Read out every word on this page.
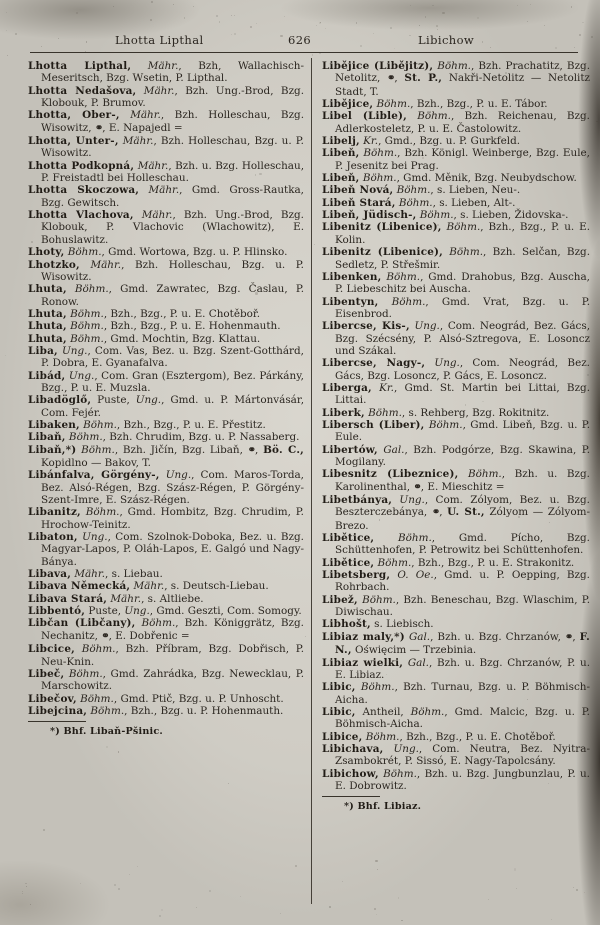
Lhotta Lipthal	626	Libichow
Lhotta Lipthal, Mähr., Bzh, Wallachisch-Meseritsch, Bzg. Wsetin, P. Lipthal.
Lhotta Nedašova, Mähr., Bzh. Ung.-Brod, Bzg. Klobouk, P. Brumov.
Lhotta, Ober-, Mähr., Bzh. Holleschau, Bzg. Wisowitz, ⚭, E. Napajedl =
Lhotta, Unter-, Mähr., Bzh. Holleschau, Bzg. u. P. Wisowitz.
Lhotta Podkopná, Mähr., Bzh. u. Bzg. Holleschau, P. Freistadtl bei Holleschau.
Lhotta Skoczowa, Mähr., Gmd. Gross-Rautka, Bzg. Gewitsch.
Lhotta Vlachova, Mähr., Bzh. Ung.-Brod, Bzg. Klobouk, P. Vlachovic (Wlachowitz), E. Bohuslawitz.
Lhoty, Böhm., Gmd. Wortowa, Bzg. u. P. Hlinsko.
Lhotzko, Mähr., Bzh. Holleschau, Bzg. u. P. Wisowitz.
Lhuta, Böhm., Gmd. Zawratec, Bzg. Časlau, P. Ronow.
Lhuta, Böhm., Bzh., Bzg., P. u. E. Chotěboř.
Lhuta, Böhm., Bzh., Bzg., P. u. E. Hohenmauth.
Lhuta, Böhm., Gmd. Mochtin, Bzg. Klattau.
Liba, Ung., Com. Vas, Bez. u. Bzg. Szent-Gotthárd, P. Dobra, E. Gyanafalva.
Libád, Ung., Com. Gran (Esztergom), Bez. Párkány, Bzg., P. u. E. Muzsla.
Libadöglő, Puste, Ung., Gmd. u. P. Mártonvásár, Com. Fejér.
Libaken, Böhm., Bzh., Bzg., P. u. E. Přestitz.
Libaň, Böhm., Bzh. Chrudim, Bzg. u. P. Nassaberg.
Libaň,*) Böhm., Bzh. Jičín, Bzg. Libaň, ⚭, Bö. C., Kopidlno — Bakov, T.
Libánfalva, Görgény-, Ung., Com. Maros-Torda, Bez. Alsó-Régen, Bzg. Szász-Régen, P. Görgény-Szent-Imre, E. Szász-Régen.
Libanitz, Böhm., Gmd. Hombitz, Bzg. Chrudim, P. Hrochow-Teinitz.
Libaton, Ung., Com. Szolnok-Doboka, Bez. u. Bzg. Magyar-Lapos, P. Oláh-Lapos, E. Galgó und Nagy-Bánya.
Libava, Mähr., s. Liebau.
Libava Německá, Mähr., s. Deutsch-Liebau.
Libava Stará, Mähr., s. Altliebe.
Libbentó, Puste, Ung., Gmd. Geszti, Com. Somogy.
Libčan (Libčany), Böhm., Bzh. Königgrätz, Bzg. Nechanitz, ⚭, E. Dobřenic =
Libcice, Böhm., Bzh. Příbram, Bzg. Dobřisch, P. Neu-Knin.
Libeč, Böhm., Gmd. Zahrádka, Bzg. Newecklau, P. Marschowitz.
Libečov, Böhm., Gmd. Ptič, Bzg. u. P. Unhoscht.
Libejcina, Böhm., Bzh., Bzg. u. P. Hohenmauth.
*) Bhf. Libaň-Pšinic.
Libějice (Libějitz), Böhm., Bzh. Prachatitz, Bzg. Netolitz, ⚭, St. P., Nakři-Netolitz — Netolitz Stadt, T.
Libějice, Böhm., Bzh., Bzg., P. u. E. Tábor.
Libel (Lible), Böhm., Bzh. Reichenau, Bzg. Adlerkosteletz, P. u. E. Častolowitz.
Libelj, Kr., Gmd., Bzg. u. P. Gurkfeld.
Libeň, Böhm., Bzh. Königl. Weinberge, Bzg. Eule, P. Jesenitz bei Prag.
Libeň, Böhm., Gmd. Měnik, Bzg. Neubydschow.
Libeň Nová, Böhm., s. Lieben, Neu-.
Libeň Stará, Böhm., s. Lieben, Alt-.
Libeň, Jüdisch-, Böhm., s. Lieben, Židovska-.
Libenitz (Libenice), Böhm., Bzh., Bzg., P. u. E. Kolin.
Libenitz (Libenice), Böhm., Bzh. Selčan, Bzg. Sedletz, P. Střešmir.
Libenken, Böhm., Gmd. Drahobus, Bzg. Auscha, P. Liebeschitz bei Auscha.
Libentyn, Böhm., Gmd. Vrat, Bzg. u. P. Eisenbrod.
Libercse, Kis-, Ung., Com. Neográd, Bez. Gács, Bzg. Szécsény, P. Alsó-Sztregova, E. Losoncz und Szákal.
Libercse, Nagy-, Ung., Com. Neográd, Bez. Gács, Bzg. Losoncz, P. Gács, E. Losoncz.
Liberga, Kr., Gmd. St. Martin bei Littai, Bzg. Littai.
Liberk, Böhm., s. Rehberg, Bzg. Rokitnitz.
Libersch (Liber), Böhm., Gmd. Libeň, Bzg. u. P. Eule.
Libertów, Gal., Bzh. Podgórze, Bzg. Skawina, P. Mogilany.
Libesnitz (Libeznice), Böhm., Bzh. u. Bzg. Karolinenthal, ⚭, E. Mieschitz =
Libetbánya, Ung., Com. Zólyom, Bez. u. Bzg. Beszterczebánya, ⚭, U. St., Zólyom — Zólyom-Brezo.
Libětice, Böhm., Gmd. Pícho, Bzg. Schüttenhofen, P. Petrowitz bei Schüttenhofen.
Libětice, Böhm., Bzh., Bzg., P. u. E. Strakonitz.
Libetsberg, O. Oe., Gmd. u. P. Oepping, Bzg. Rohrbach.
Libež, Böhm., Bzh. Beneschau, Bzg. Wlaschim, P. Diwischau.
Libhošt, s. Liebisch.
Libiaz maly,*) Gal., Bzh. u. Bzg. Chrzanów, ⚭, F. N., Oświęcim — Trzebinia.
Libiaz wielki, Gal., Bzh. u. Bzg. Chrzanów, P. u. E. Libiaz.
Libic, Böhm., Bzh. Turnau, Bzg. u. P. Böhmisch-Aicha.
Libic, Antheil, Böhm., Gmd. Malcic, Bzg. u. P. Böhmisch-Aicha.
Libice, Böhm., Bzh., Bzg., P. u. E. Chotěboř.
Libichava, Ung., Com. Neutra, Bez. Nyitra-Zsambokrét, P. Sissó, E. Nagy-Tapolcsány.
Libichow, Böhm., Bzh. u. Bzg. Jungbunzlau, P. u. E. Dobrowitz.
*) Bhf. Libiaz.
